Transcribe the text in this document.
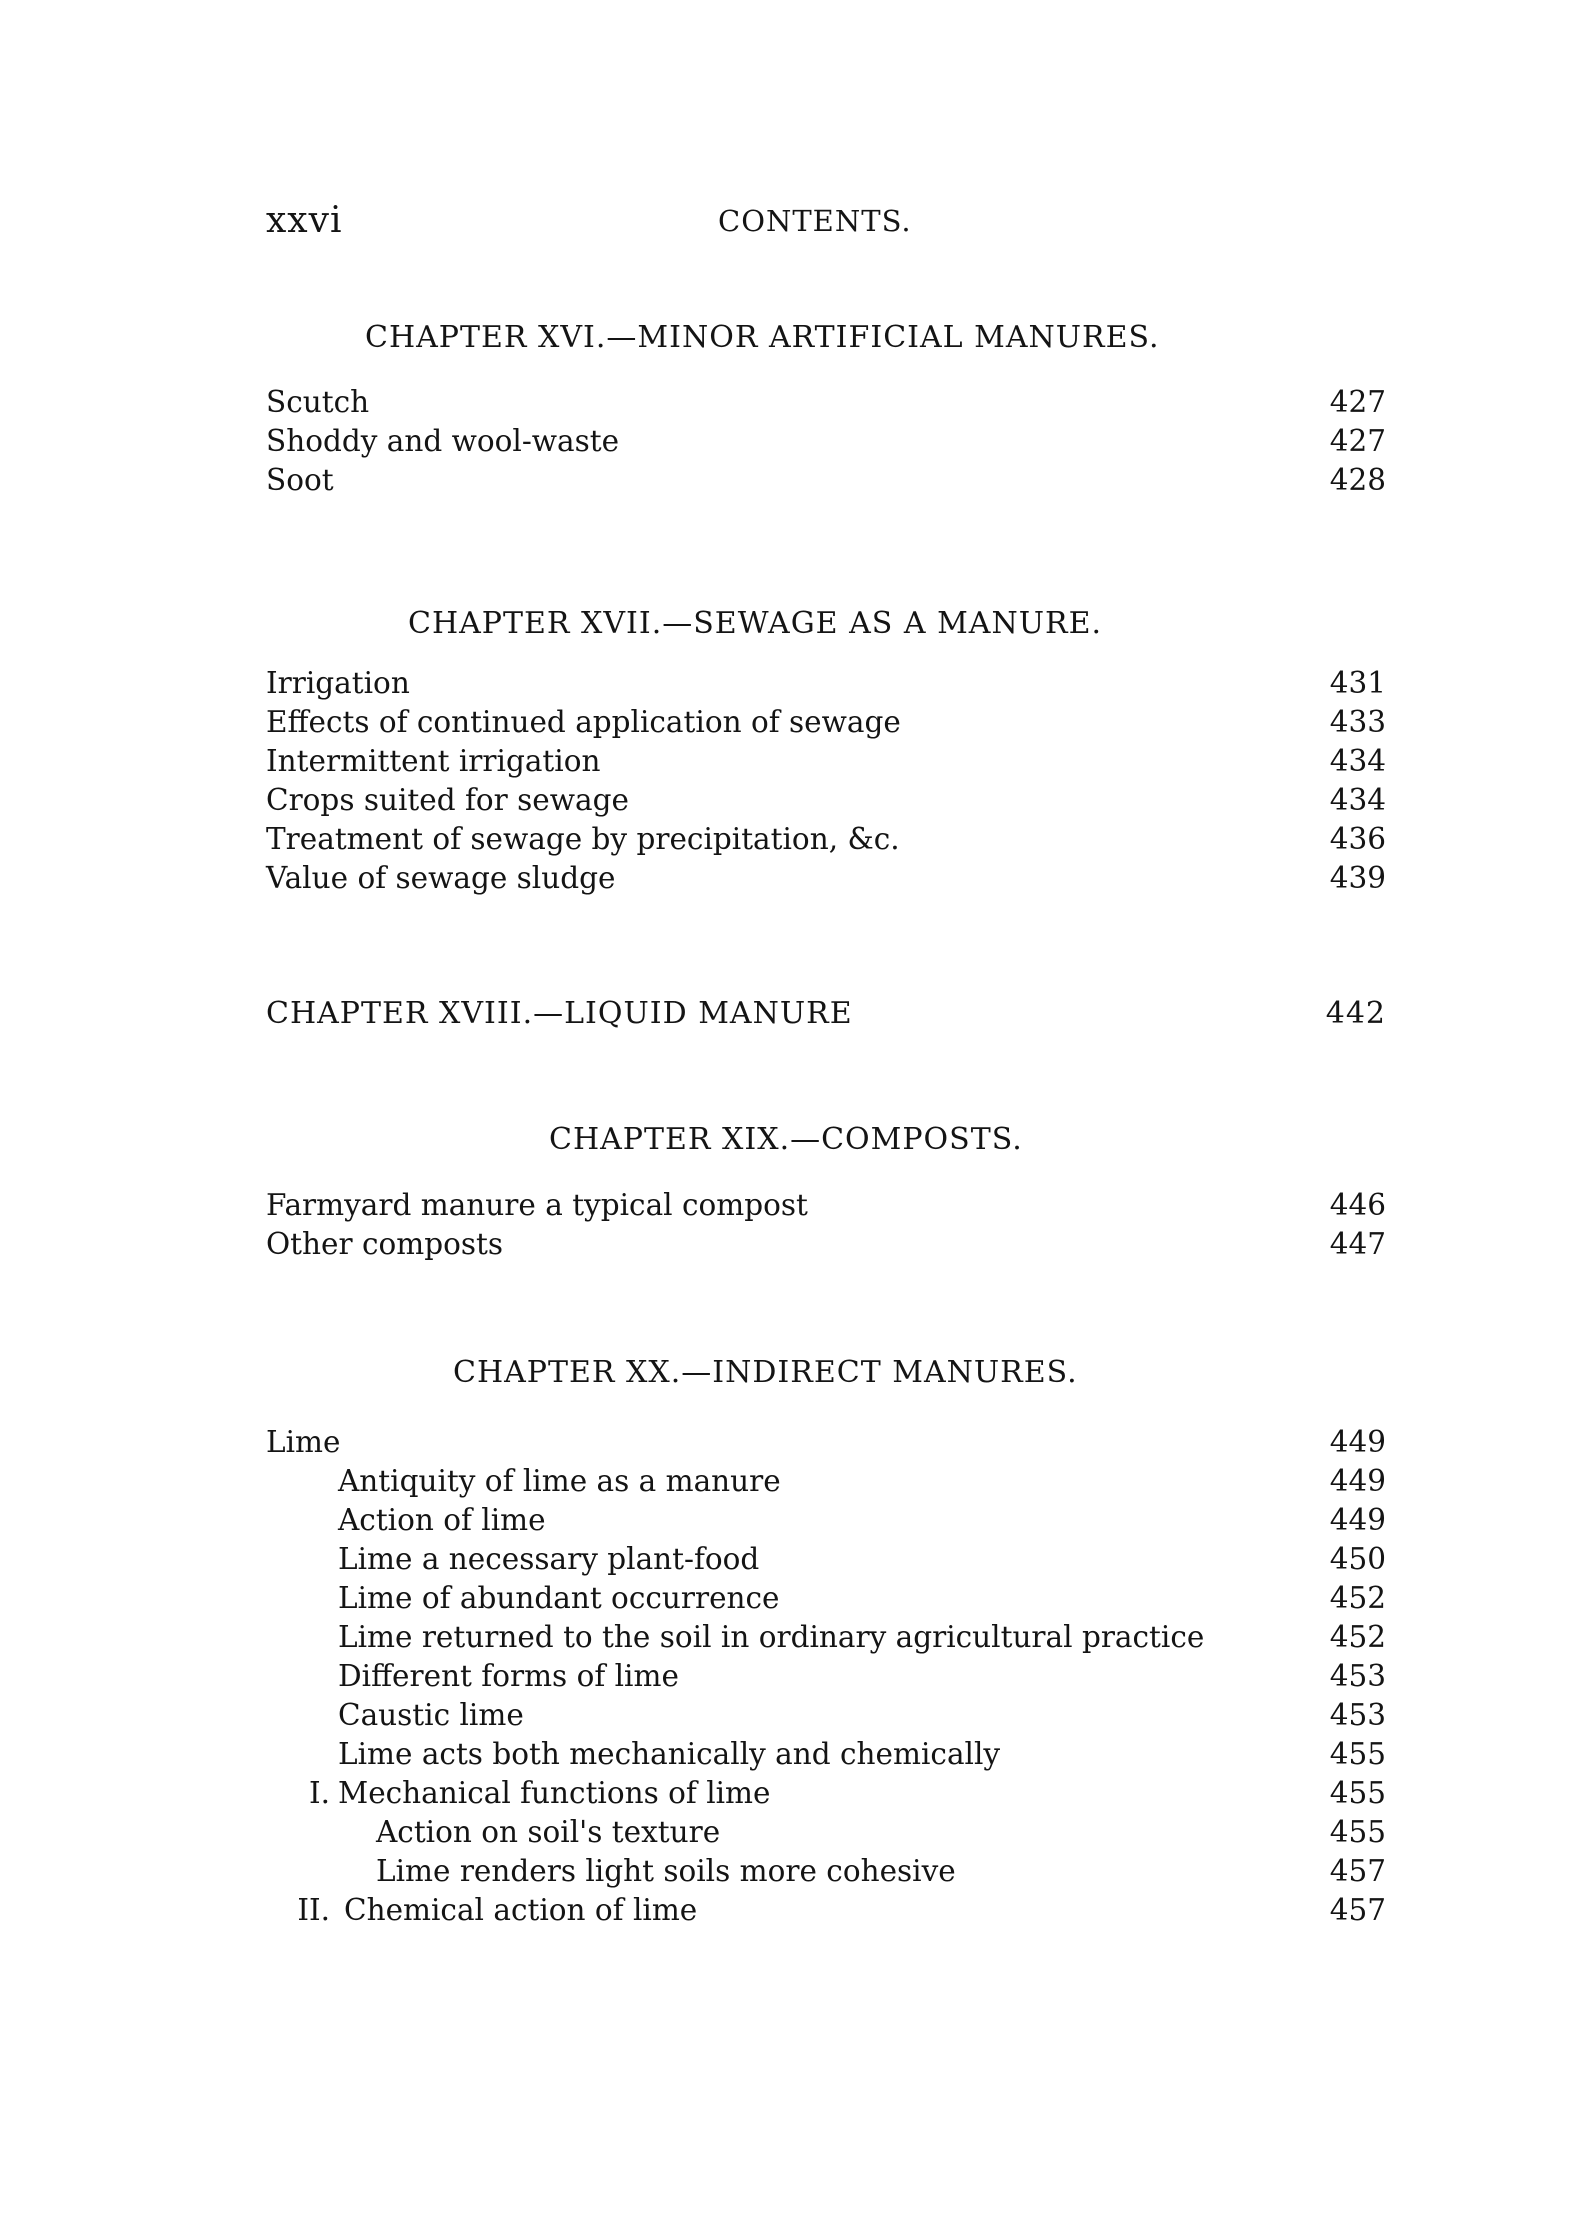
xxvi	CONTENTS.
CHAPTER XVI.—MINOR ARTIFICIAL MANURES.
Scutch	427
Shoddy and wool-waste	427
Soot	428
CHAPTER XVII.—SEWAGE AS A MANURE.
Irrigation	431
Effects of continued application of sewage	433
Intermittent irrigation	434
Crops suited for sewage	434
Treatment of sewage by precipitation, &c.	436
Value of sewage sludge	439
CHAPTER XVIII.—LIQUID MANURE	442
CHAPTER XIX.—COMPOSTS.
Farmyard manure a typical compost	446
Other composts	447
CHAPTER XX.—INDIRECT MANURES.
Lime	449
Antiquity of lime as a manure	449
Action of lime	449
Lime a necessary plant-food	450
Lime of abundant occurrence	452
Lime returned to the soil in ordinary agricultural practice	452
Different forms of lime	453
Caustic lime	453
Lime acts both mechanically and chemically	455
I. Mechanical functions of lime	455
Action on soil's texture	455
Lime renders light soils more cohesive	457
II. Chemical action of lime	457
